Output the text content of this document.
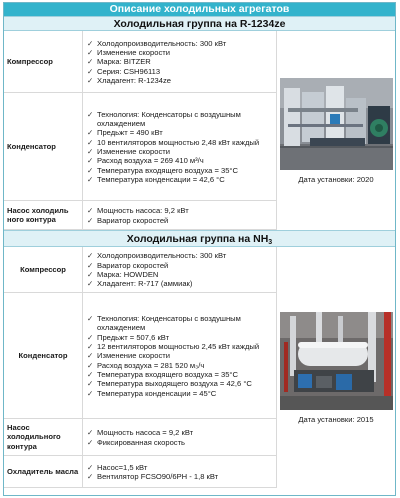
Описание холодильных агрегатов
Холодильная группа на R-1234ze
Компрессор
✓ Холодопроизводительность: 300 кВт
✓ Изменение скорости
✓ Марка: BITZER
✓ Серия: CSH96113
✓ Хладагент: R-1234ze
Дата установки: 2020
Конденсатор
✓ Технология: Конденсаторы с воздушным охлаждением
✓ Предьжт = 490 кВт
✓ 10 вентиляторов мощностью 2,48 кВт каждый
✓ Изменение скорости
✓ Расход воздуха = 269 410 м³/ч
✓ Температура входящего воздуха = 35°C
✓ Температура конденсации = 42,6 °C
Насос холодиль ного контура
✓ Мощность насоса: 9,2 кВт
✓ Вариатор скоростей
Холодильная группа на $NH_3$
Компрессор
✓ Холодопроизводительность: 300 кВт
✓ Вариатор скоростей
✓ Марка: HOWDEN
✓ Хладагент: R-717 (аммиак)
Дата установки: 2015
Конденсатор
✓ Технология: Конденсаторы с воздушным охлаждением
✓ Предьжт = 507,6 кВт
✓ 12 вентиляторов мощностью 2,45 кВт каждый
✓ Изменение скорости
✓ Расход воздуха = 281 520 м₃/ч
✓ Температура входящего воздуха = 35°C
✓ Температура выходящего воздуха = 42,6 °C
✓ Температура конденсации = 45°C
Насос холодильного контура
✓ Мощность насоса = 9,2 кВт
✓ Фиксированная скорость
Охладитель масла	✓ Насос=1,5 кВт
✓ Вентилятор FCSO90/6PH - 1,8 кВт
